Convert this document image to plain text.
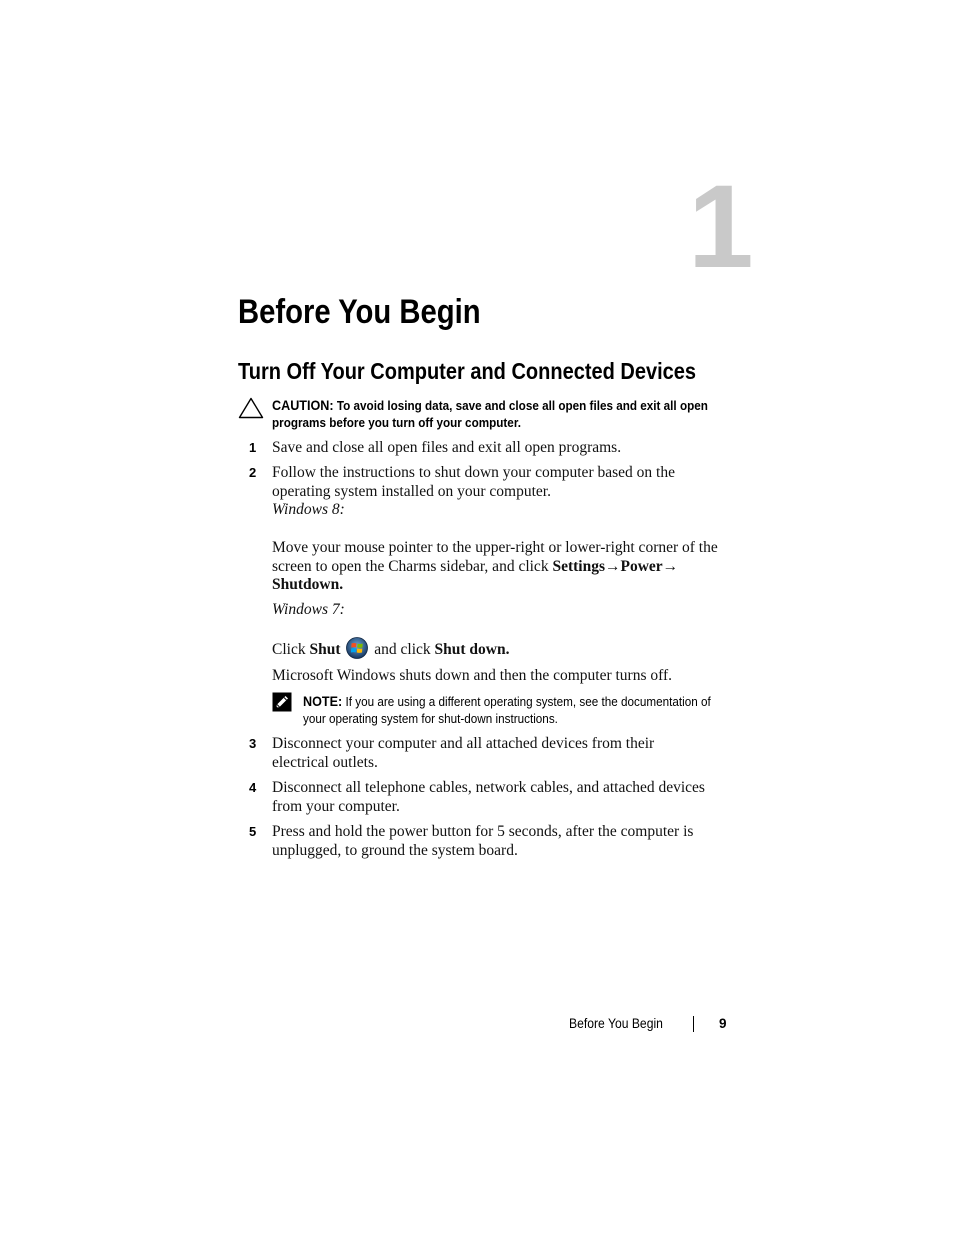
1
Before You Begin
Turn Off Your Computer and Connected Devices
CAUTION: To avoid losing data, save and close all open files and exit all open
programs before you turn off your computer.
1 Save and close all open files and exit all open programs.
2 Follow the instructions to shut down your computer based on the
operating system installed on your computer.
Windows 8:
Move your mouse pointer to the upper-right or lower-right corner of the
screen to open the Charms sidebar, and click Settings→Power→
Shutdown.
Windows 7:
Click Shut  and click Shut down.
Microsoft Windows shuts down and then the computer turns off.
NOTE: If you are using a different operating system, see the documentation of
your operating system for shut-down instructions.
3 Disconnect your computer and all attached devices from their
electrical outlets.
4 Disconnect all telephone cables, network cables, and attached devices
from your computer.
5 Press and hold the power button for 5 seconds, after the computer is
unplugged, to ground the system board.
Before You Begin	9
